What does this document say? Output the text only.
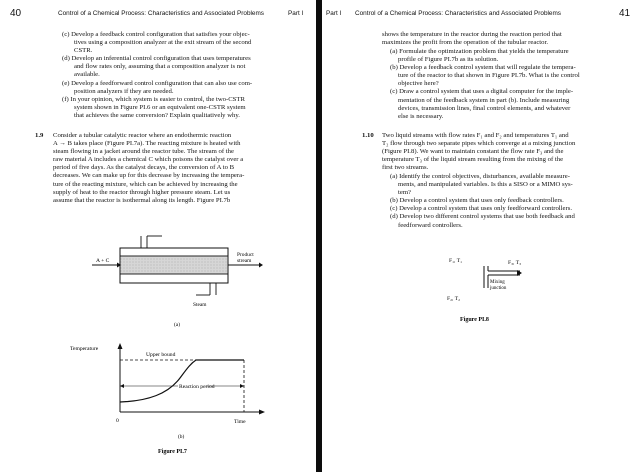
40	Control of a Chemical Process: Characteristics and Associated Problems	Part I
(c) Develop a feedback control configuration that satisfies your objec-
tives using a composition analyzer at the exit stream of the second
CSTR.
(d) Develop an inferential control configuration that uses temperatures
and flow rates only, assuming that a composition analyzer is not
available.
(e) Develop a feedforward control configuration that can also use com-
position analyzers if they are needed.
(f) In your opinion, which system is easier to control, the two-CSTR
system shown in Figure PI.6 or an equivalent one-CSTR system
that achieves the same conversion? Explain qualitatively why.
1.9 Consider a tubular catalytic reactor where an endothermic reaction
A → B takes place (Figure PI.7a). The reacting mixture is heated with
steam flowing in a jacket around the reactor tube. The stream of the
raw material A includes a chemical C which poisons the catalyst over a
period of five days. As the catalyst decays, the conversion of A to B
decreases. We can make up for this decrease by increasing the tempera-
ture of the reacting mixture, which can be achieved by increasing the
supply of heat to the reactor through higher pressure steam. Let us
assume that the reactor is isothermal along its length. Figure PI.7b
A + C
Product
stream
Steam
(a)
Temperature
Upper bound
Reaction period
0	Time
(b)
Figure PI.7
Part I Control of a Chemical Process: Characteristics and Associated Problems	41
shows the temperature in the reactor during the reaction period that
maximizes the profit from the operation of the tubular reactor.
(a) Formulate the optimization problem that yields the temperature
profile of Figure PI.7b as its solution.
(b) Develop a feedback control system that will regulate the tempera-
ture of the reactor to that shown in Figure PI.7b. What is the control
objective here?
(c) Draw a control system that uses a digital computer for the imple-
mentation of the feedback system in part (b). Include measuring
devices, transmission lines, final control elements, and whatever
else is necessary.
1.10 Two liquid streams with flow rates F₁ and F₂ and temperatures T₁ and
T₂ flow through two separate pipes which converge at a mixing junction
(Figure PI.8). We want to maintain constant the flow rate F₃ and the
temperature T₃ of the liquid stream resulting from the mixing of the
first two streams.
(a) Identify the control objectives, disturbances, available measure-
ments, and manipulated variables. Is this a SISO or a MIMO sys-
tem?
(b) Develop a control system that uses only feedback controllers.
(c) Develop a control system that uses only feedforward controllers.
(d) Develop two different control systems that use both feedback and
feedforward controllers.
F₁, T₁	F₃, T₃
Mixing
junction
F₂, T₂
Figure PI.8
